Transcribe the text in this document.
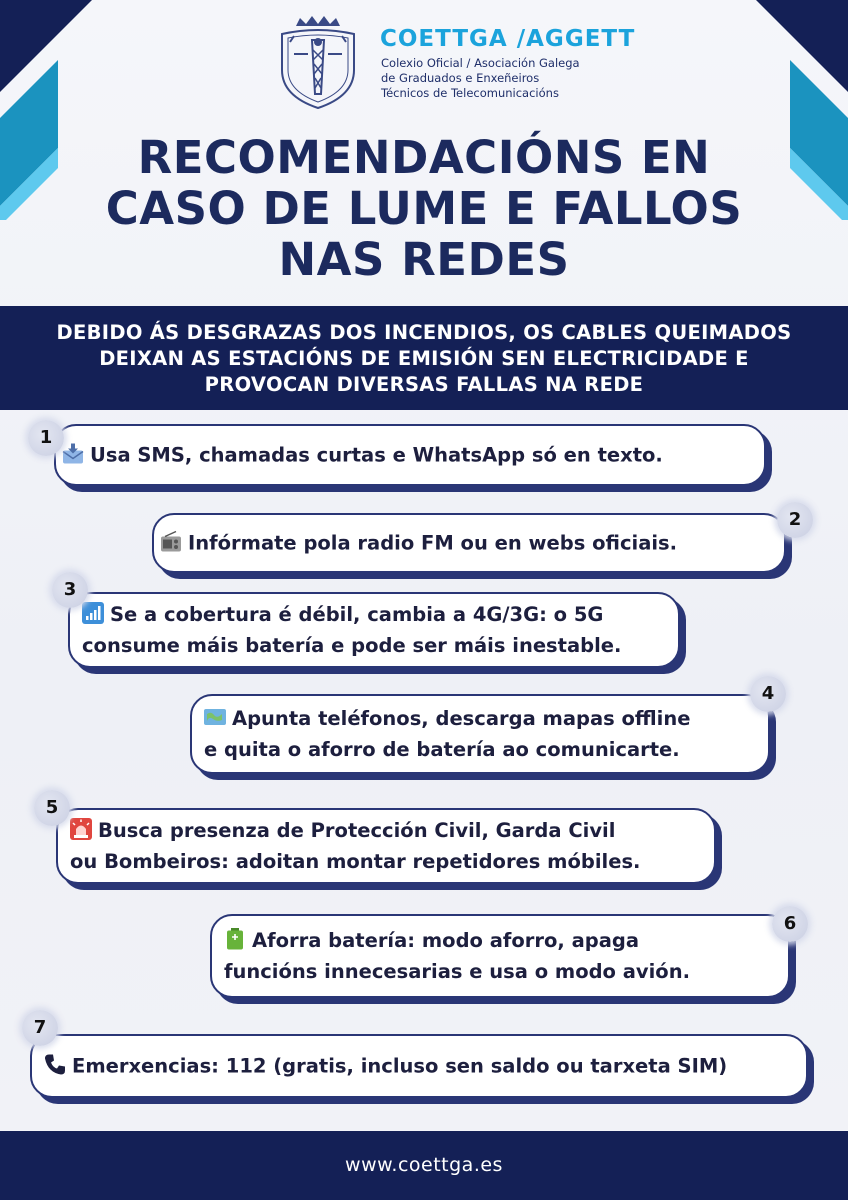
COETTGA /AGGETT
Colexio Oficial / Asociación Galega
de Graduados e Enxeñeiros
Técnicos de Telecomunicacións
RECOMENDACIÓNS EN
CASO DE LUME E FALLOS
NAS REDES
DEBIDO ÁS DESGRAZAS DOS INCENDIOS, OS CABLES QUEIMADOS
DEIXAN AS ESTACIÓNS DE EMISIÓN SEN ELECTRICIDADE E
PROVOCAN DIVERSAS FALLAS NA REDE
Usa SMS, chamadas curtas e WhatsApp só en texto.
1
Infórmate pola radio FM ou en webs oficiais.
2
Se a cobertura é débil, cambia a 4G/3G: o 5G
consume máis batería e pode ser máis inestable.
3
Apunta teléfonos, descarga mapas offline
e quita o aforro de batería ao comunicarte.
4
Busca presenza de Protección Civil, Garda Civil
ou Bombeiros: adoitan montar repetidores móbiles.
5
Aforra batería: modo aforro, apaga
funcións innecesarias e usa o modo avión.
6
Emerxencias: 112 (gratis, incluso sen saldo ou tarxeta SIM)
7
www.coettga.es
